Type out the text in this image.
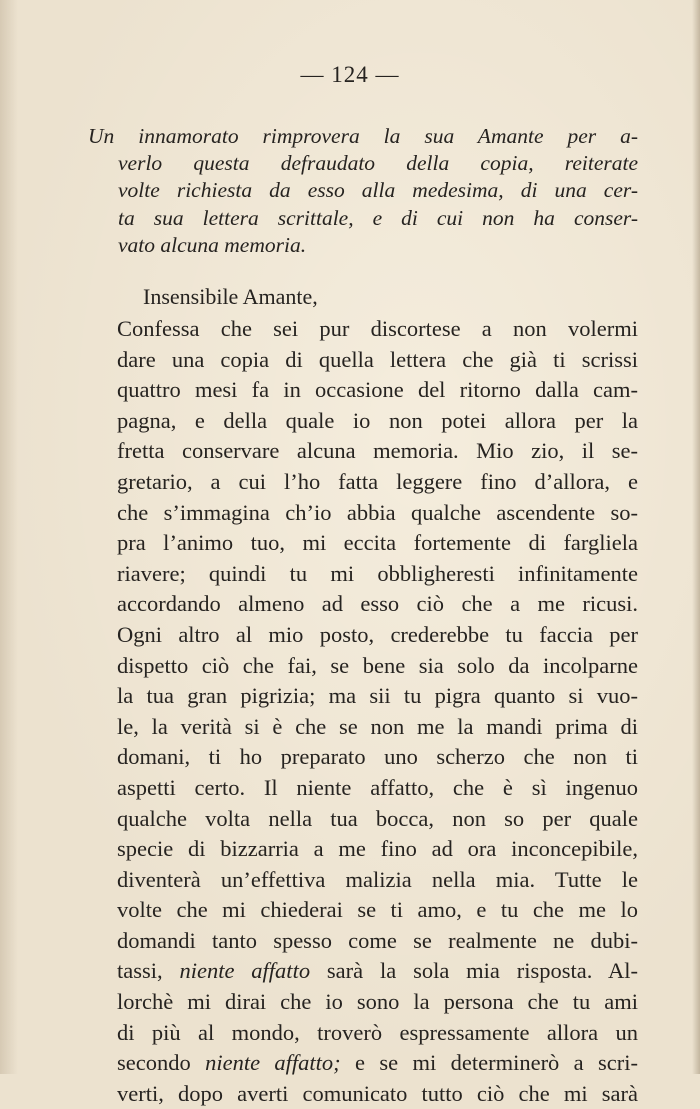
— 124 —
Un innamorato rimprovera la sua Amante per a-
verlo questa defraudato della copia, reiterate
volte richiesta da esso alla medesima, di una cer-
ta sua lettera scrittale, e di cui non ha conser-
vato alcuna memoria.
Insensibile Amante,
Confessa che sei pur discortese a non volermi
dare una copia di quella lettera che già ti scrissi
quattro mesi fa in occasione del ritorno dalla cam-
pagna, e della quale io non potei allora per la
fretta conservare alcuna memoria. Mio zio, il se-
gretario, a cui l’ho fatta leggere fino d’allora, e
che s’immagina ch’io abbia qualche ascendente so-
pra l’animo tuo, mi eccita fortemente di fargliela
riavere; quindi tu mi obbligheresti infinitamente
accordando almeno ad esso ciò che a me ricusi.
Ogni altro al mio posto, crederebbe tu faccia per
dispetto ciò che fai, se bene sia solo da incolparne
la tua gran pigrizia; ma sii tu pigra quanto si vuo-
le, la verità si è che se non me la mandi prima di
domani, ti ho preparato uno scherzo che non ti
aspetti certo. Il niente affatto, che è sì ingenuo
qualche volta nella tua bocca, non so per quale
specie di bizzarria a me fino ad ora inconcepibile,
diventerà un’effettiva malizia nella mia. Tutte le
volte che mi chiederai se ti amo, e tu che me lo
domandi tanto spesso come se realmente ne dubi-
tassi, niente affatto sarà la sola mia risposta. Al-
lorchè mi dirai che io sono la persona che tu ami
di più al mondo, troverò espressamente allora un
secondo niente affatto; e se mi determinerò a scri-
verti, dopo averti comunicato tutto ciò che mi sarà
